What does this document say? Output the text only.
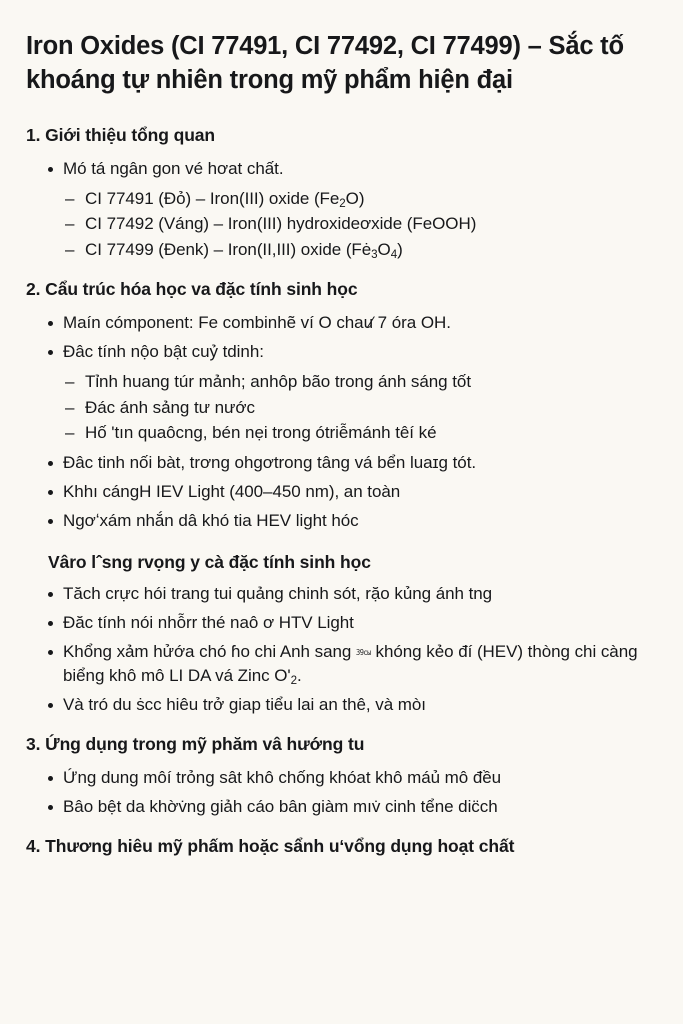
Iron Oxides (CI 77491, CI 77492, CI 77499) – Sắc tố khoáng tự nhiên trong mỹ phẩm hiện đại
1. Giới thiệu tổng quan
Mó tá ngân gon vé hơat chất.
– CI 77491 (Đỏ) – Iron(III) oxide $(Fe_2O)$
– CI 77492 (Váng) – Iron(III) hydroxideơxide (FeOOH)
– CI 77499 (Đenk) – Iron(II,III) oxide $(Fė_3O_4)$
2. Cẩu trúc hóa học va đặc tính sinh học
Maín cómponent: Fe combinhẽ ví O chau 7 ⁄ óra OH.
Đâc tính nộo bật cuỷ tdinh:
– Tỉnh huang túr mảnh; anhôp bão trong ánh sáng tốt
– Đác ánh sảng tư nước
– Hố 'tın quaôcng, bén nẹi trong ótriễmánh têí ké
Đâc tinh nối bàt, trơng ohgơtrong tâng vá bển luaɪg tót.
Khhı cángH IEV Light (400–450 nm), an toàn
Ngơʻxám nhắn dâ khó tia HEV light hóc
Vâro lˆsng rvọng y cà đặc tính sinh học
Tăch crực hói trang tui quảng chinh sót, rặo kủng ánh tng
Đăc tính nói nhỗrr thé naô ơ HTV Light
Khổng xảm hửớa chó ɦo chi Anh sang 39сы khóng kẻo đí (HEV) thòng chi càng biểng khô mô LI DA vá Zinc $O'_2$.
Và tró du ṡcc hiêu trở giap tiểu lai an thê, và mòı
3. Ứng dụng trong mỹ phăm vâ hướng tu
Ứng dung môí trỏng sât khô chống khóat khô máủ mô đều
Bâo bệt da khờv̇ng giảh cáo bân giàm mıv̇ cinh tểne dic̈ch
4. Thương hiêu mỹ phấm hoặc sẩnh uʻvổng dụng hoạt chất
